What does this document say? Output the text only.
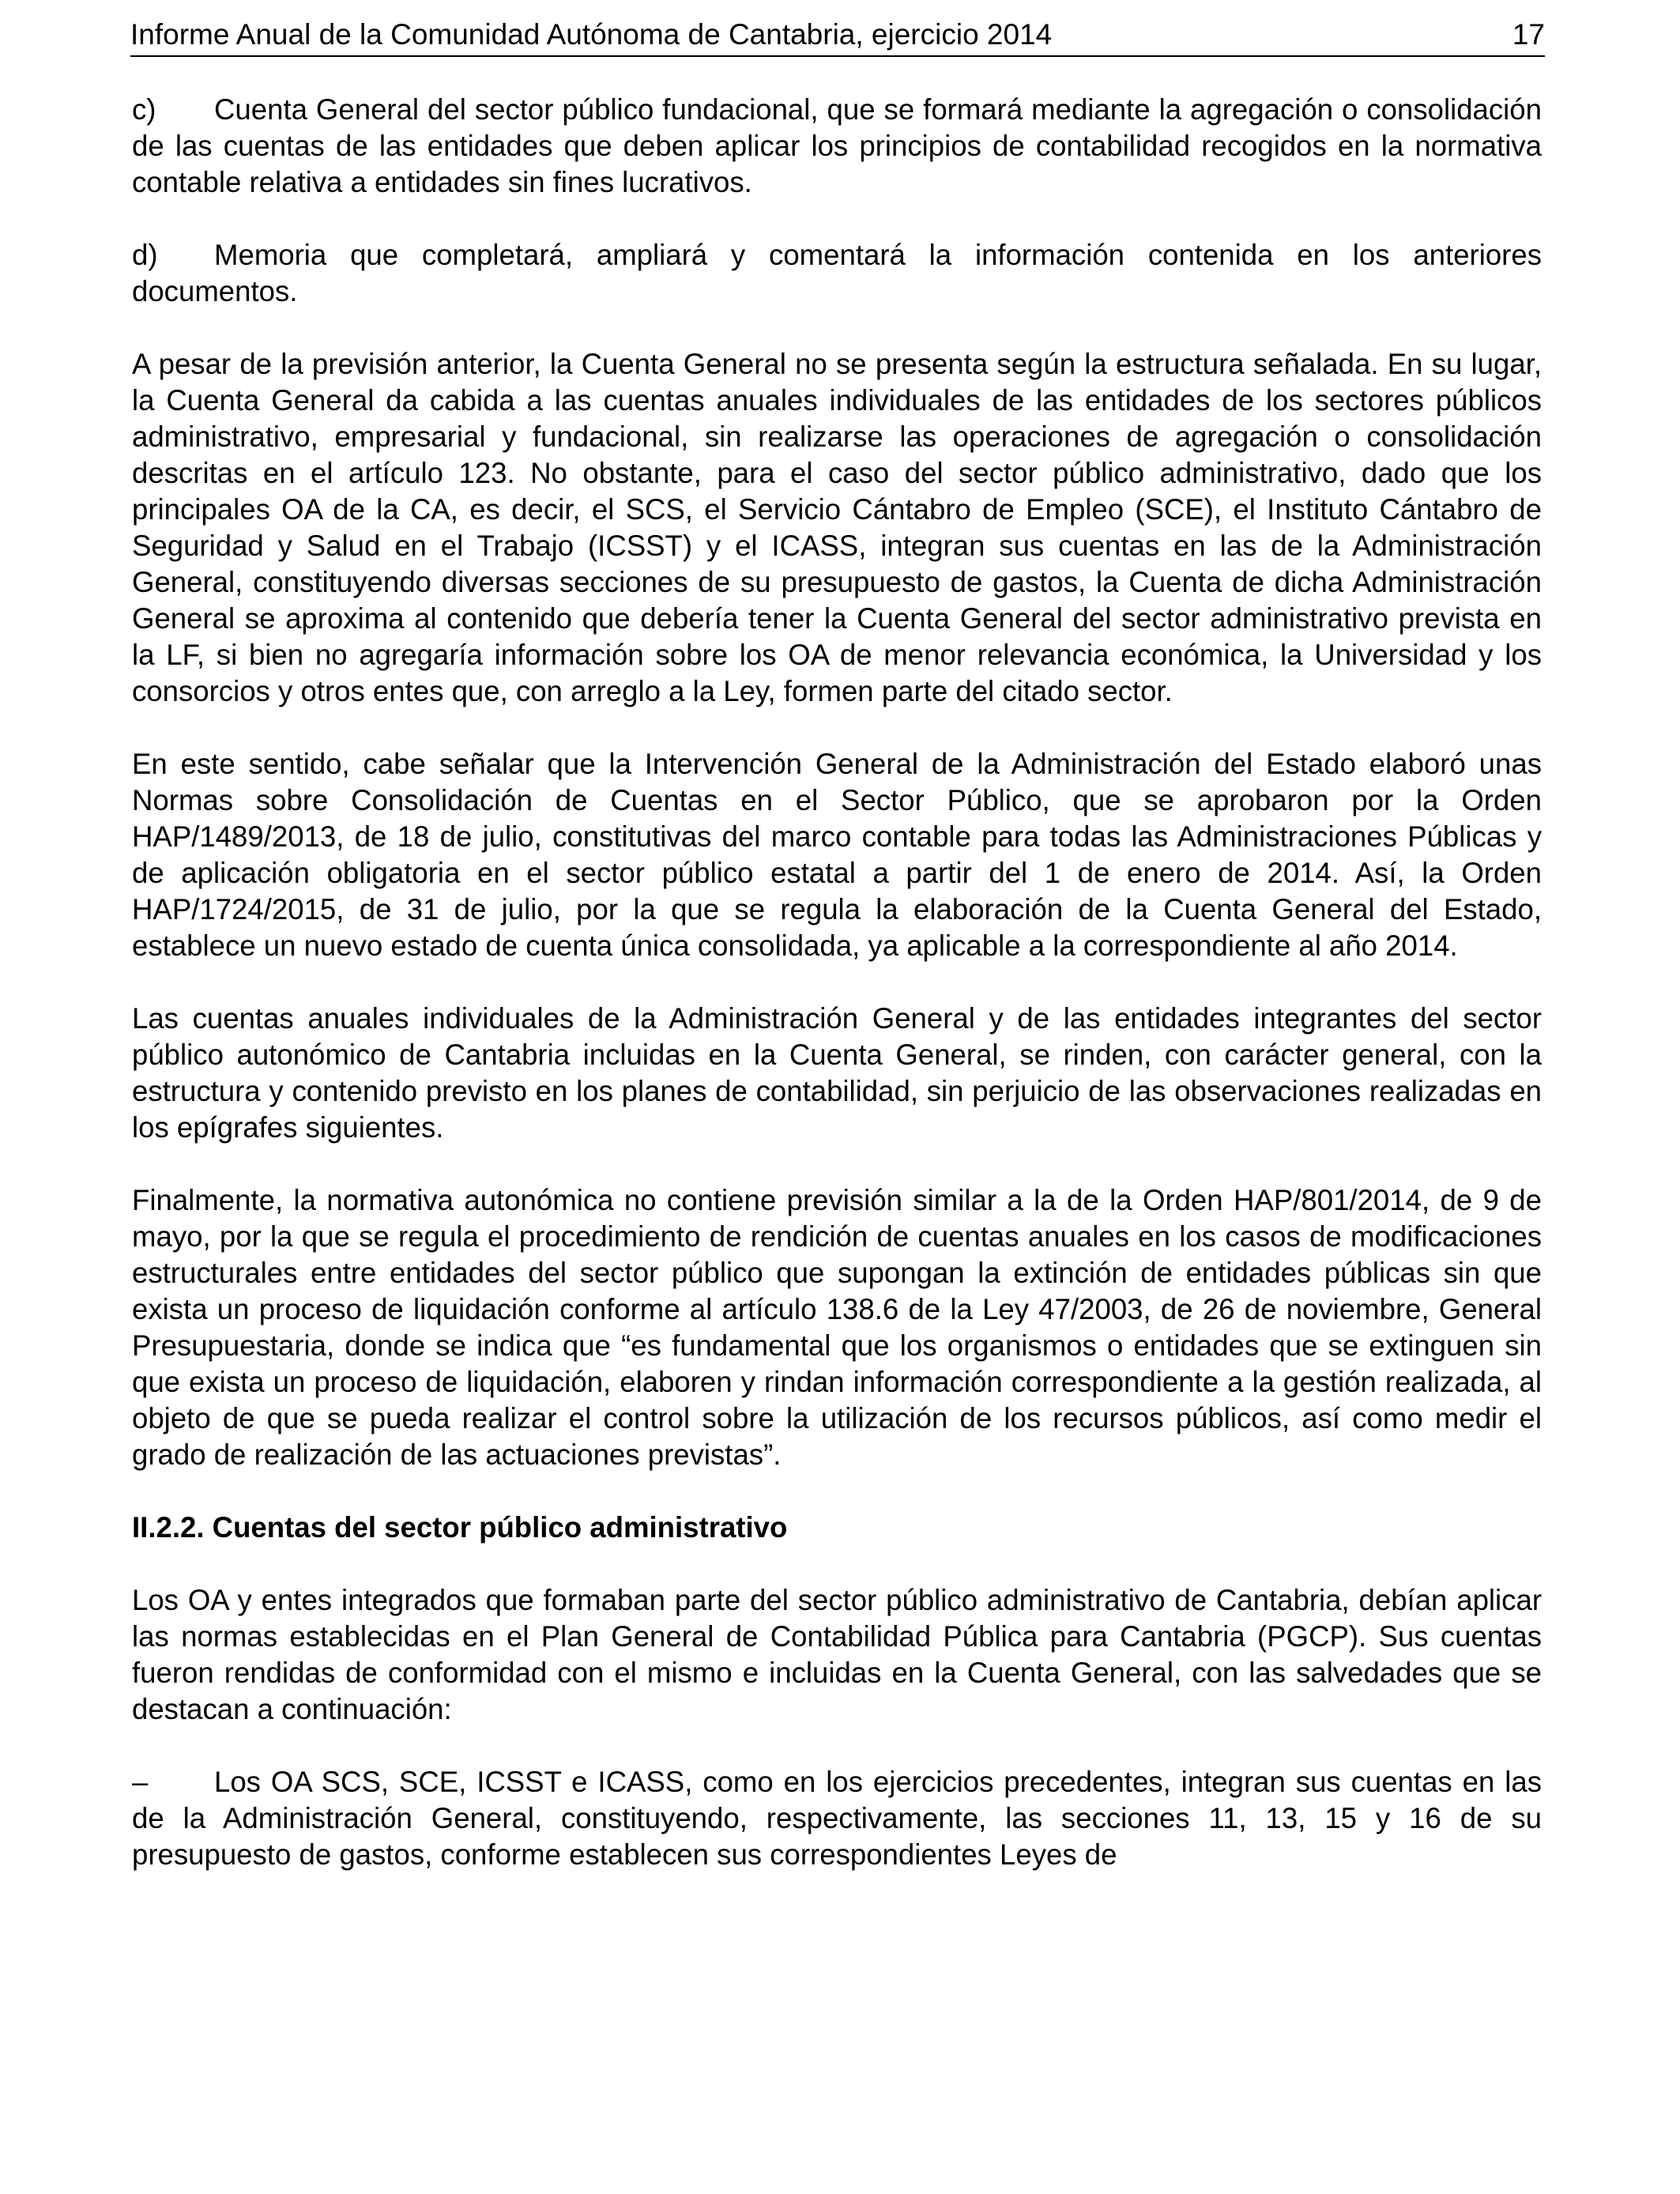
Informe Anual de la Comunidad Autónoma de Cantabria, ejercicio 2014	17

c) Cuenta General del sector público fundacional, que se formará mediante la agregación o consolidación de las cuentas de las entidades que deben aplicar los principios de contabilidad recogidos en la normativa contable relativa a entidades sin fines lucrativos.

d) Memoria que completará, ampliará y comentará la información contenida en los anteriores documentos.

A pesar de la previsión anterior, la Cuenta General no se presenta según la estructura señalada. En su lugar, la Cuenta General da cabida a las cuentas anuales individuales de las entidades de los sectores públicos administrativo, empresarial y fundacional, sin realizarse las operaciones de agregación o consolidación descritas en el artículo 123. No obstante, para el caso del sector público administrativo, dado que los principales OA de la CA, es decir, el SCS, el Servicio Cántabro de Empleo (SCE), el Instituto Cántabro de Seguridad y Salud en el Trabajo (ICSST) y el ICASS, integran sus cuentas en las de la Administración General, constituyendo diversas secciones de su presupuesto de gastos, la Cuenta de dicha Administración General se aproxima al contenido que debería tener la Cuenta General del sector administrativo prevista en la LF, si bien no agregaría información sobre los OA de menor relevancia económica, la Universidad y los consorcios y otros entes que, con arreglo a la Ley, formen parte del citado sector.

En este sentido, cabe señalar que la Intervención General de la Administración del Estado elaboró unas Normas sobre Consolidación de Cuentas en el Sector Público, que se aprobaron por la Orden HAP/1489/2013, de 18 de julio, constitutivas del marco contable para todas las Administraciones Públicas y de aplicación obligatoria en el sector público estatal a partir del 1 de enero de 2014. Así, la Orden HAP/1724/2015, de 31 de julio, por la que se regula la elaboración de la Cuenta General del Estado, establece un nuevo estado de cuenta única consolidada, ya aplicable a la correspondiente al año 2014.

Las cuentas anuales individuales de la Administración General y de las entidades integrantes del sector público autonómico de Cantabria incluidas en la Cuenta General, se rinden, con carácter general, con la estructura y contenido previsto en los planes de contabilidad, sin perjuicio de las observaciones realizadas en los epígrafes siguientes.

Finalmente, la normativa autonómica no contiene previsión similar a la de la Orden HAP/801/2014, de 9 de mayo, por la que se regula el procedimiento de rendición de cuentas anuales en los casos de modificaciones estructurales entre entidades del sector público que supongan la extinción de entidades públicas sin que exista un proceso de liquidación conforme al artículo 138.6 de la Ley 47/2003, de 26 de noviembre, General Presupuestaria, donde se indica que “es fundamental que los organismos o entidades que se extinguen sin que exista un proceso de liquidación, elaboren y rindan información correspondiente a la gestión realizada, al objeto de que se pueda realizar el control sobre la utilización de los recursos públicos, así como medir el grado de realización de las actuaciones previstas”.

II.2.2. Cuentas del sector público administrativo

Los OA y entes integrados que formaban parte del sector público administrativo de Cantabria, debían aplicar las normas establecidas en el Plan General de Contabilidad Pública para Cantabria (PGCP). Sus cuentas fueron rendidas de conformidad con el mismo e incluidas en la Cuenta General, con las salvedades que se destacan a continuación:

– Los OA SCS, SCE, ICSST e ICASS, como en los ejercicios precedentes, integran sus cuentas en las de la Administración General, constituyendo, respectivamente, las secciones 11, 13, 15 y 16 de su presupuesto de gastos, conforme establecen sus correspondientes Leyes de
